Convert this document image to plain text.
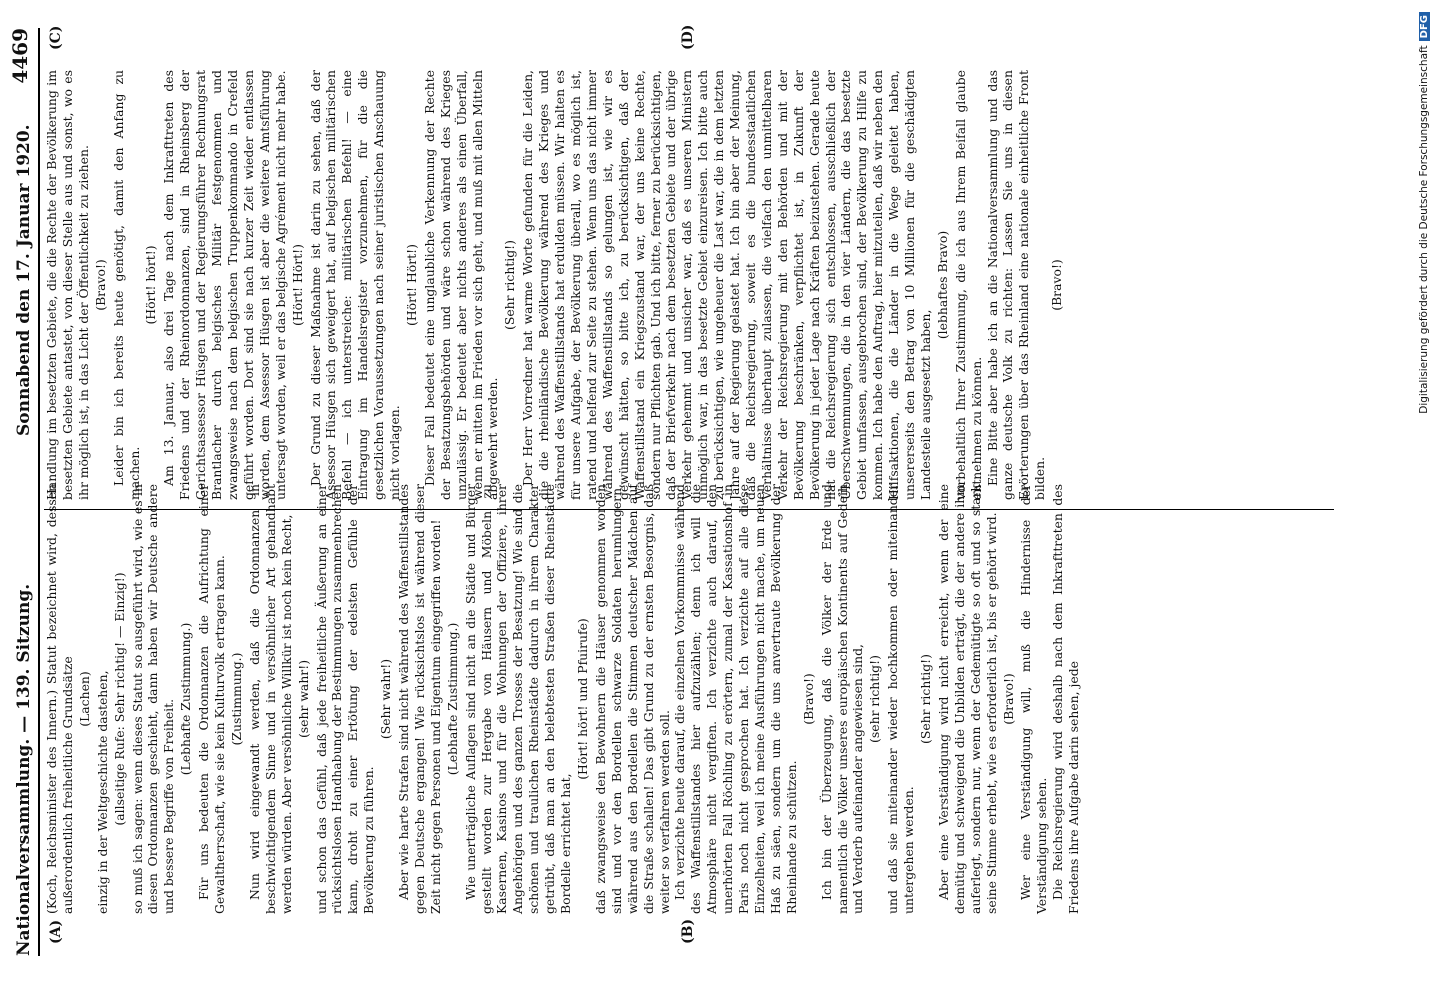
Nationalversammlung. — 139. Sitzung.
Sonnabend den 17. Januar 1920.
4469
(A)	(B)
(C)	(D)

(Koch, Reichsminister des Innern.) Statut bezeichnet wird, dessen außerordentlich freiheitliche Grundsätze (Lachen) einzig in der Weltgeschichte dastehen, (allseitige Rufe: Sehr richtig! — Einzig!) so muß ich sagen: wenn dieses Statut so ausgeführt wird, wie es in diesen Ordonnanzen geschieht, dann haben wir Deutsche andere und bessere Begriffe von Freiheit. (Lebhafte Zustimmung.) Für uns bedeuten die Ordonnanzen die Aufrichtung einer Gewaltherrschaft, wie sie kein Kulturvolk ertragen kann. (Zustimmung.) Nun wird eingewandt werden, daß die Ordonnanzen in beschwichtigendem Sinne und in versöhnlicher Art gehandhabt werden würden. Aber versöhnliche Willkür ist noch kein Recht, (sehr wahr!) und schon das Gefühl, daß jede freiheitliche Äußerung an einer rücksichtslosen Handhabung der Bestimmungen zusammenbrechen kann, droht zu einer Ertötung der edelsten Gefühle der Bevölkerung zu führen.

(Sehr wahr!) Aber wie harte Strafen sind nicht während des Waffenstillstandes gegen Deutsche ergangen! Wie rücksichtslos ist während dieser Zeit nicht gegen Personen und Eigentum eingegriffen worden! (Lebhafte Zustimmung.) Wie unerträgliche Auflagen sind nicht an die Städte und Bürger gestellt worden zur Hergabe von Häusern und Möbeln zu Kasernen, Kasinos und für die Wohnungen der Offiziere, ihrer Angehörigen und des ganzen Trosses der Besatzung! Wie sind die schönen und traulichen Rheinstädte dadurch in ihrem Charakter getrübt, daß man an den belebtesten Straßen dieser Rheinstädte Bordelle errichtet hat,

(Hört! hört! und Pfuirufe) daß zwangsweise den Bewohnern die Häuser genommen worden sind und vor den Bordellen schwarze Soldaten herumlungern, während aus den Bordellen die Stimmen deutscher Mädchen auf die Straße schallen! Das gibt Grund zu der ernsten Besorgnis, daß weiter so verfahren werden soll. Ich verzichte heute darauf, die einzelnen Vorkommnisse während des Waffenstillstandes hier aufzuzählen; denn ich will die Atmosphäre nicht vergiften. Ich verzichte auch darauf, den unerhörten Fall Röchling zu erörtern, zumal der Kassationshof in Paris noch nicht gesprochen hat. Ich verzichte auf alle diese Einzelheiten, weil ich meine Ausführungen nicht mache, um neuen Haß zu säen, sondern um die uns anvertraute Bevölkerung der Rheinlande zu schützen.

(Bravo!) Ich bin der Überzeugung, daß die Völker der Erde und namentlich die Völker unseres europäischen Kontinents auf Gedeih und Verderb aufeinander angewiesen sind, (sehr richtig!) und daß sie miteinander wieder hochkommen oder miteinander untergehen werden.

(Sehr richtig!) Aber eine Verständigung wird nicht erreicht, wenn der eine demütig und schweigend die Unbilden erträgt, die der andere ihm auferlegt, sondern nur, wenn der Gedemütigte so oft und so stark seine Stimme erhebt, wie es erforderlich ist, bis er gehört wird. (Bravo!) Wer eine Verständigung will, muß die Hindernisse der Verständigung sehen. Die Reichsregierung wird deshalb nach dem Inkrafttreten des Friedens ihre Aufgabe darin sehen, jede

Handlung im besetzten Gebiete, die die Rechte der Bevölkerung im besetzten Gebiete antastet, von dieser Stelle aus und sonst, wo es ihr möglich ist, in das Licht der Öffentlichkeit zu ziehen. (Bravo!) Leider bin ich bereits heute genötigt, damit den Anfang zu machen.

(Hört! hört!) Am 13. Januar, also drei Tage nach dem Inkrafttreten des Friedens und der Rheinordonnanzen, sind in Rheinsberg der Gerichtsassessor Hüsgen und der Regierungsführer Rechnungsrat Brantlacher durch belgisches Militär festgenommen und zwangsweise nach dem belgischen Truppenkommando in Crefeld geführt worden. Dort sind sie nach kurzer Zeit wieder entlassen worden, dem Assessor Hüsgen ist aber die weitere Amtsführung untersagt worden, weil er das belgische Agrément nicht mehr habe. (Hört! Hört!) Der Grund zu dieser Maßnahme ist darin zu sehen, daß der Assessor Hüsgen sich geweigert hat, auf belgischen militärischen Befehl — ich unterstreiche: militärischen Befehl! — eine Eintragung im Handelsregister vorzunehmen, für die die gesetzlichen Voraussetzungen nach seiner juristischen Anschauung nicht vorlagen.

(Hört! Hört!) Dieser Fall bedeutet eine unglaubliche Verkennung der Rechte der Besatzungsbehörden und wäre schon während des Krieges unzulässig. Er bedeutet aber nichts anderes als einen Überfall, wenn er mitten im Frieden vor sich geht, und muß mit allen Mitteln abgewehrt werden.

(Sehr richtig!) Der Herr Vorredner hat warme Worte gefunden für die Leiden, die die rheinländische Bevölkerung während des Krieges und während des Waffenstillstands hat erdulden müssen. Wir halten es für unsere Aufgabe, der Bevölkerung überall, wo es möglich ist, ratend und helfend zur Seite zu stehen. Wenn uns das nicht immer während des Waffenstillstands so gelungen ist, wie wir es gewünscht hätten, so bitte ich, zu berücksichtigen, daß der Waffenstillstand ein Kriegszustand war, der uns keine Rechte, sondern nur Pflichten gab. Und ich bitte, ferner zu berücksichtigen, daß der Briefverkehr nach dem besetzten Gebiete und der übrige Verkehr gehemmt und unsicher war, daß es unseren Ministern unmöglich war, in das besetzte Gebiet einzureisen. Ich bitte auch zu berücksichtigen, wie ungeheuer die Last war, die in dem letzten Jahre auf der Regierung gelastet hat. Ich bin aber der Meinung, daß die Reichsregierung, soweit es die bundesstaatlichen Verhältnisse überhaupt zulassen, die vielfach den unmittelbaren Verkehr der Reichsregierung mit den Behörden und mit der Bevölkerung beschränken, verpflichtet ist, in Zukunft der Bevölkerung in jeder Lage nach Kräften beizustehen. Gerade heute hat die Reichsregierung sich entschlossen, ausschließlich der Überschwemmungen, die in den vier Ländern, die das besetzte Gebiet umfassen, ausgebrochen sind, der Bevölkerung zu Hilfe zu kommen. Ich habe den Auftrag, hier mitzuteilen, daß wir neben den Hilfsaktionen, die die Länder in die Wege geleitet haben, unsererseits den Betrag von 10 Millionen für die geschädigten Landesteile ausgesetzt haben,

(lebhaftes Bravo) vorbehaltlich Ihrer Zustimmung, die ich aus Ihrem Beifall glaube entnehmen zu können. Eine Bitte aber habe ich an die Nationalversammlung und das ganze deutsche Volk zu richten: Lassen Sie uns in diesen Erörterungen über das Rheinland eine nationale einheitliche Front bilden.

(Bravo!)	Digitalisierung gefördert durch die Deutsche ForschungsgemeinschaftDFG
